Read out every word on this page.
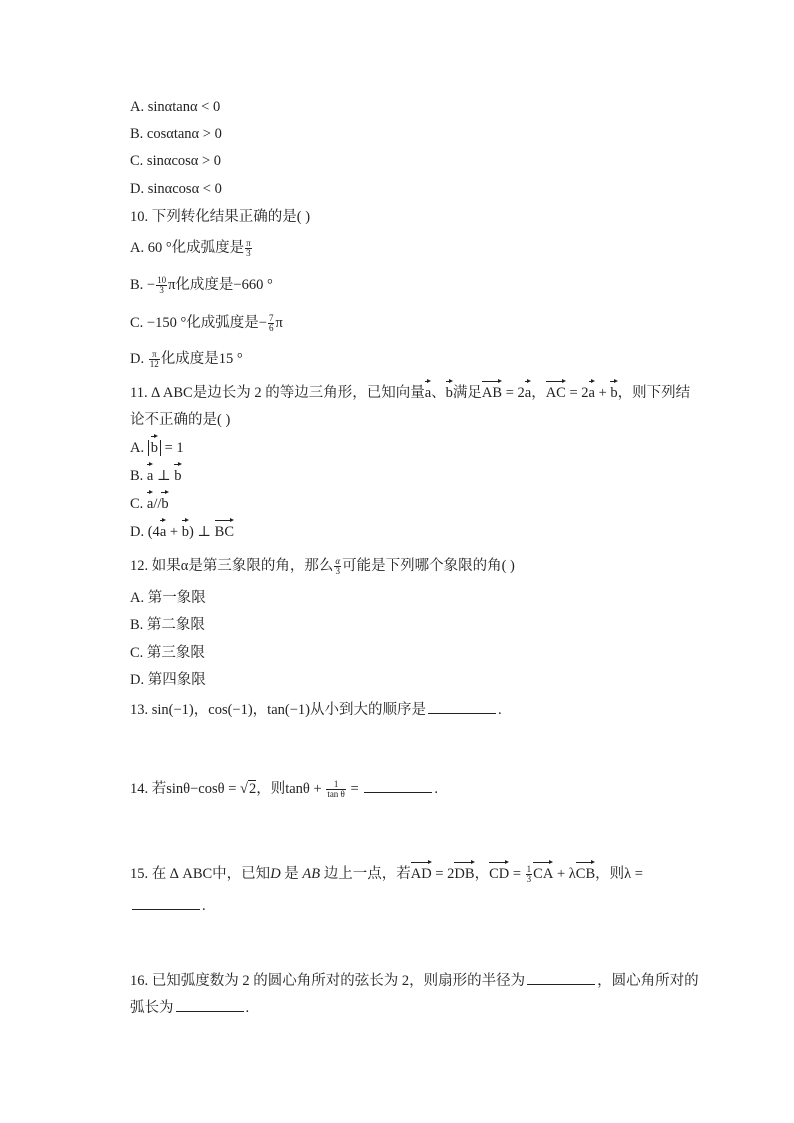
A. sinαtanα < 0
B. cosαtanα > 0
C. sinαcosα > 0
D. sinαcosα < 0
10. 下列转化结果正确的是( )
A. 60 °化成弧度是 $\frac{\pi}{3}$
B. − $\frac{10}{3}$ π化成度是−660 °
C. −150 °化成弧度是− $\frac{7}{6}$ π
D. $\frac{\pi}{12}$ 化成度是15 °
11. ∆ ABC是边长为 2 的等边三角形，已知向量a、b满足AB = 2a，AC = 2a + b，则下列结
论不正确的是( )
A. b = 1
B. a ⊥ b
C. a//b
D. (4a + b) ⊥ BC
12. 如果α是第三象限的角，那么 $\frac{\alpha}{3}$ 可能是下列哪个象限的角( )
A. 第一象限
B. 第二象限
C. 第三象限
D. 第四象限
13. sin(−1)，cos(−1)，tan(−1)从小到大的顺序是	.
14. 若sinθ−cosθ = √2，则$\tan\theta + \frac{1}{\text{tan θ}}$ =	.
15. 在 ∆ ABC中，已知D 是 AB 边上一点，若AD = 2DB，CD = $\frac{1}{3}$ CA + λCB，则λ =
.
16. 已知弧度数为 2 的圆心角所对的弦长为 2，则扇形的半径为	，圆心角所对的
弧长为	.
